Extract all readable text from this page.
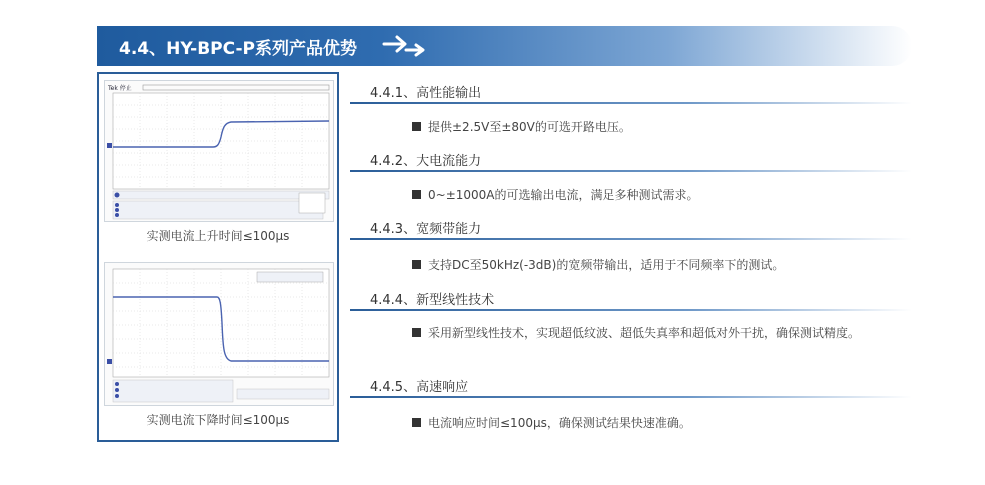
4.4、HY-BPC-P系列产品优势
Tek 停止
实测电流上升时间≤100μs
实测电流下降时间≤100μs
4.4.1、高性能输出
提供±2.5V至±80V的可选开路电压。
4.4.2、大电流能力
0~±1000A的可选输出电流，满足多种测试需求。
4.4.3、宽频带能力
支持DC至50kHz(-3dB)的宽频带输出，适用于不同频率下的测试。
4.4.4、新型线性技术
采用新型线性技术，实现超低纹波、超低失真率和超低对外干扰，确保测试精度。
4.4.5、高速响应
电流响应时间≤100μs，确保测试结果快速准确。
